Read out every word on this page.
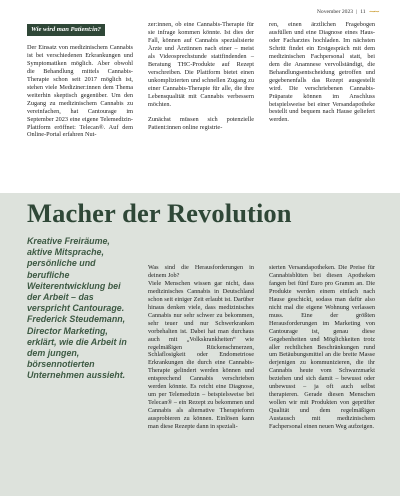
November 2023 | 11 ∼∼
Wie wird man Patient:in?

Der Einsatz von medizinischem Cannabis ist bei verschiedenen Erkrankungen und Symptomatiken möglich. Aber obwohl die Behandlung mittels Cannabis-Therapie schon seit 2017 möglich ist, stehen viele Mediziner:innen dem Thema weiterhin skeptisch gegenüber. Um den Zugang zu medizinischem Cannabis zu vereinfachen, hat Cantourage im September 2023 eine eigene Telemedizin-Plattform eröffnet: Telecan®. Auf dem Online-Portal erfahren Nut-

zer:innen, ob eine Cannabis-Therapie für sie infrage kommen könnte. Ist dies der Fall, können auf Cannabis spezialisierte Ärzte und Ärztinnen nach einer – meist als Videosprechstunde stattfindenden – Beratung THC-Produkte auf Rezept verschreiben. Die Plattform bietet einen unkomplizierten und schnellen Zugang zu einer Cannabis-Therapie für alle, die ihre Lebensqualität mit Cannabis verbessern möchten.

Zunächst müssen sich potenzielle Patient:innen online registrie-

ren, einen ärztlichen Fragebogen ausfüllen und eine Diagnose eines Haus- oder Facharztes hochladen. Im nächsten Schritt findet ein Erstgespräch mit dem medizinischen Fachpersonal statt, bei dem die Anamnese vervollständigt, die Behandlungsentscheidung getroffen und gegebenenfalls das Rezept ausgestellt wird. Die verschriebenen Cannabis-Präparate können im Anschluss beispielsweise bei einer Versandapotheke bestellt und bequem nach Hause geliefert werden.

Macher der Revolution
Kreative Freiräume, aktive Mitsprache, persönliche und berufliche Weiterentwicklung bei der Arbeit – das verspricht Cantourage. Frederick Steudemann, Director Marketing, erklärt, wie die Arbeit in dem jungen, börsennotierten Unternehmen aussieht.

Was sind die Herausforderungen in deinem Job?

Viele Menschen wissen gar nicht, dass medizinisches Cannabis in Deutschland schon seit einiger Zeit erlaubt ist. Darüber hinaus denken viele, dass medizinisches Cannabis nur sehr schwer zu bekommen, sehr teuer und nur Schwerkranken vorbehalten ist. Dabei hat man durchaus auch mit „Volkskrankheiten“ wie regelmäßigen Rückenschmerzen, Schlaflosigkeit oder Endometriose Erkrankungen die durch eine Cannabis-Therapie gelindert werden können und entsprechend Cannabis verschrieben werden könnte. Es reicht eine Diagnose, um per Telemedizin – beispielsweise bei Telecan® – ein Rezept zu bekommen und Cannabis als alternative Therapieform ausprobieren zu können. Einlösen kann man diese Rezepte dann in speziali-

sierten Versandapotheken. Die Preise für Cannabisblüten bei diesen Apotheken fangen bei fünf Euro pro Gramm an. Die Produkte werden einem einfach nach Hause geschickt, sodass man dafür also nicht mal die eigene Wohnung verlassen muss. Eine der größten Herausforderungen im Marketing von Cantourage ist, genau diese Gegebenheiten und Möglichkeiten trotz aller rechtlichen Beschränkungen rund um Betäubungsmittel an die breite Masse derjenigen zu kommunizieren, die ihr Cannabis heute vom Schwarzmarkt beziehen und sich damit – bewusst oder unbewusst – ja oft auch selbst therapieren. Gerade diesen Menschen wollen wir mit Produkten von geprüfter Qualität und dem regelmäßigen Austausch mit medizinischem Fachpersonal einen neuen Weg aufzeigen.
